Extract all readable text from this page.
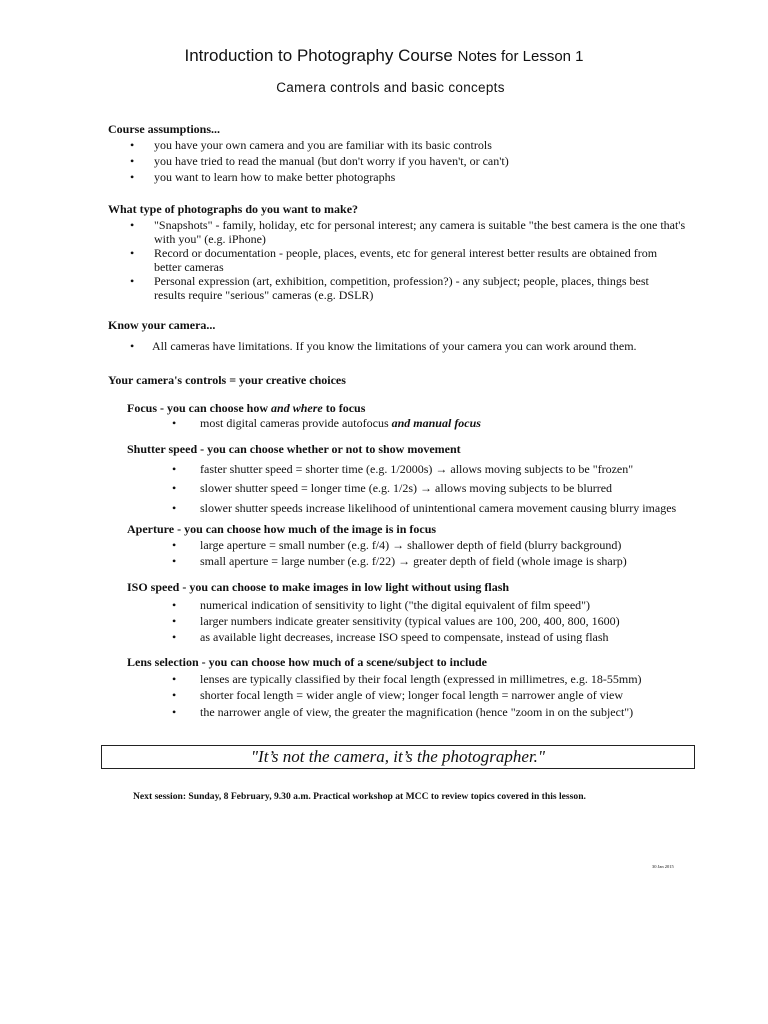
Introduction to Photography Course Notes for Lesson 1
Camera controls and basic concepts
Course assumptions...
• you have your own camera and you are familiar with its basic controls
• you have tried to read the manual (but don't worry if you haven't, or can't)
• you want to learn how to make better photographs
What type of photographs do you want to make?
• "Snapshots" - family, holiday, etc for personal interest; any camera is suitable "the best camera is the one that's with you" (e.g. iPhone)
• Record or documentation - people, places, events, etc for general interest better results are obtained from better cameras
• Personal expression (art, exhibition, competition, profession?) - any subject; people, places, things best results require "serious" cameras (e.g. DSLR)
Know your camera...
• All cameras have limitations. If you know the limitations of your camera you can work around them.
Your camera's controls = your creative choices
Focus - you can choose how and where to focus
• most digital cameras provide autofocus and manual focus
Shutter speed - you can choose whether or not to show movement
• faster shutter speed = shorter time (e.g. 1/2000s) → allows moving subjects to be "frozen"
• slower shutter speed = longer time (e.g. 1/2s) → allows moving subjects to be blurred
• slower shutter speeds increase likelihood of unintentional camera movement causing blurry images
Aperture - you can choose how much of the image is in focus
• large aperture = small number (e.g. f/4) → shallower depth of field (blurry background)
• small aperture = large number (e.g. f/22) → greater depth of field (whole image is sharp)
ISO speed - you can choose to make images in low light without using flash
• numerical indication of sensitivity to light ("the digital equivalent of film speed")
• larger numbers indicate greater sensitivity (typical values are 100, 200, 400, 800, 1600)
• as available light decreases, increase ISO speed to compensate, instead of using flash
Lens selection - you can choose how much of a scene/subject to include
• lenses are typically classified by their focal length (expressed in millimetres, e.g. 18-55mm)
• shorter focal length = wider angle of view; longer focal length = narrower angle of view
• the narrower angle of view, the greater the magnification (hence "zoom in on the subject")
"It’s not the camera, it’s the photographer."
Next session: Sunday, 8 February, 9.30 a.m. Practical workshop at MCC to review topics covered in this lesson.
30 Jan 2015
